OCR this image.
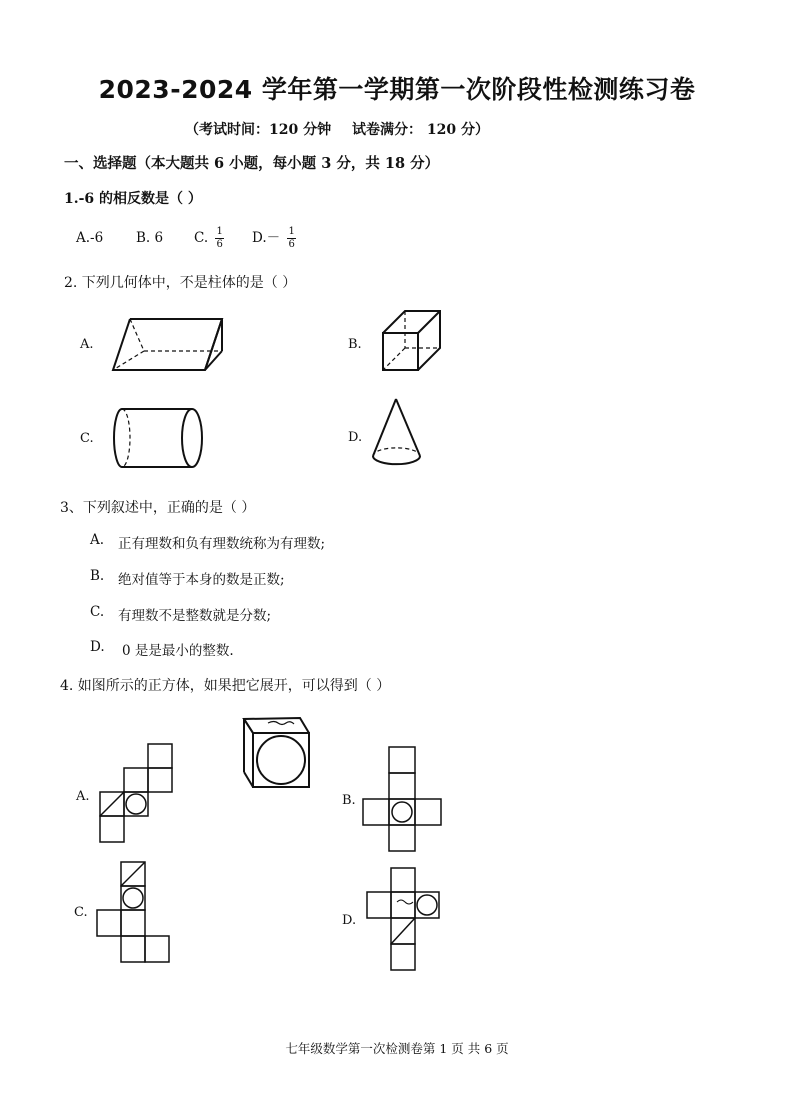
2023-2024 学年第一学期第一次阶段性检测练习卷
（考试时间：120 分钟 试卷满分： 120 分）
一、选择题（本大题共 6 小题，每小题 3 分，共 18 分）
1.-6 的相反数是（ ）
A.-6 B. 6 C. $\frac{1}{6} D.- \frac{1}{6}$
2. 下列几何体中，不是柱体的是（ ）
A.	B.
C.	D.
3、下列叙述中，正确的是（ ）
A. 正有理数和负有理数统称为有理数;
B. 绝对值等于本身的数是正数;
C. 有理数不是整数就是分数;
D. 0 是是最小的整数.
4. 如图所示的正方体，如果把它展开，可以得到（ ）
A.	B.
C.
D.
七年级数学第一次检测卷第 1 页 共 6 页
